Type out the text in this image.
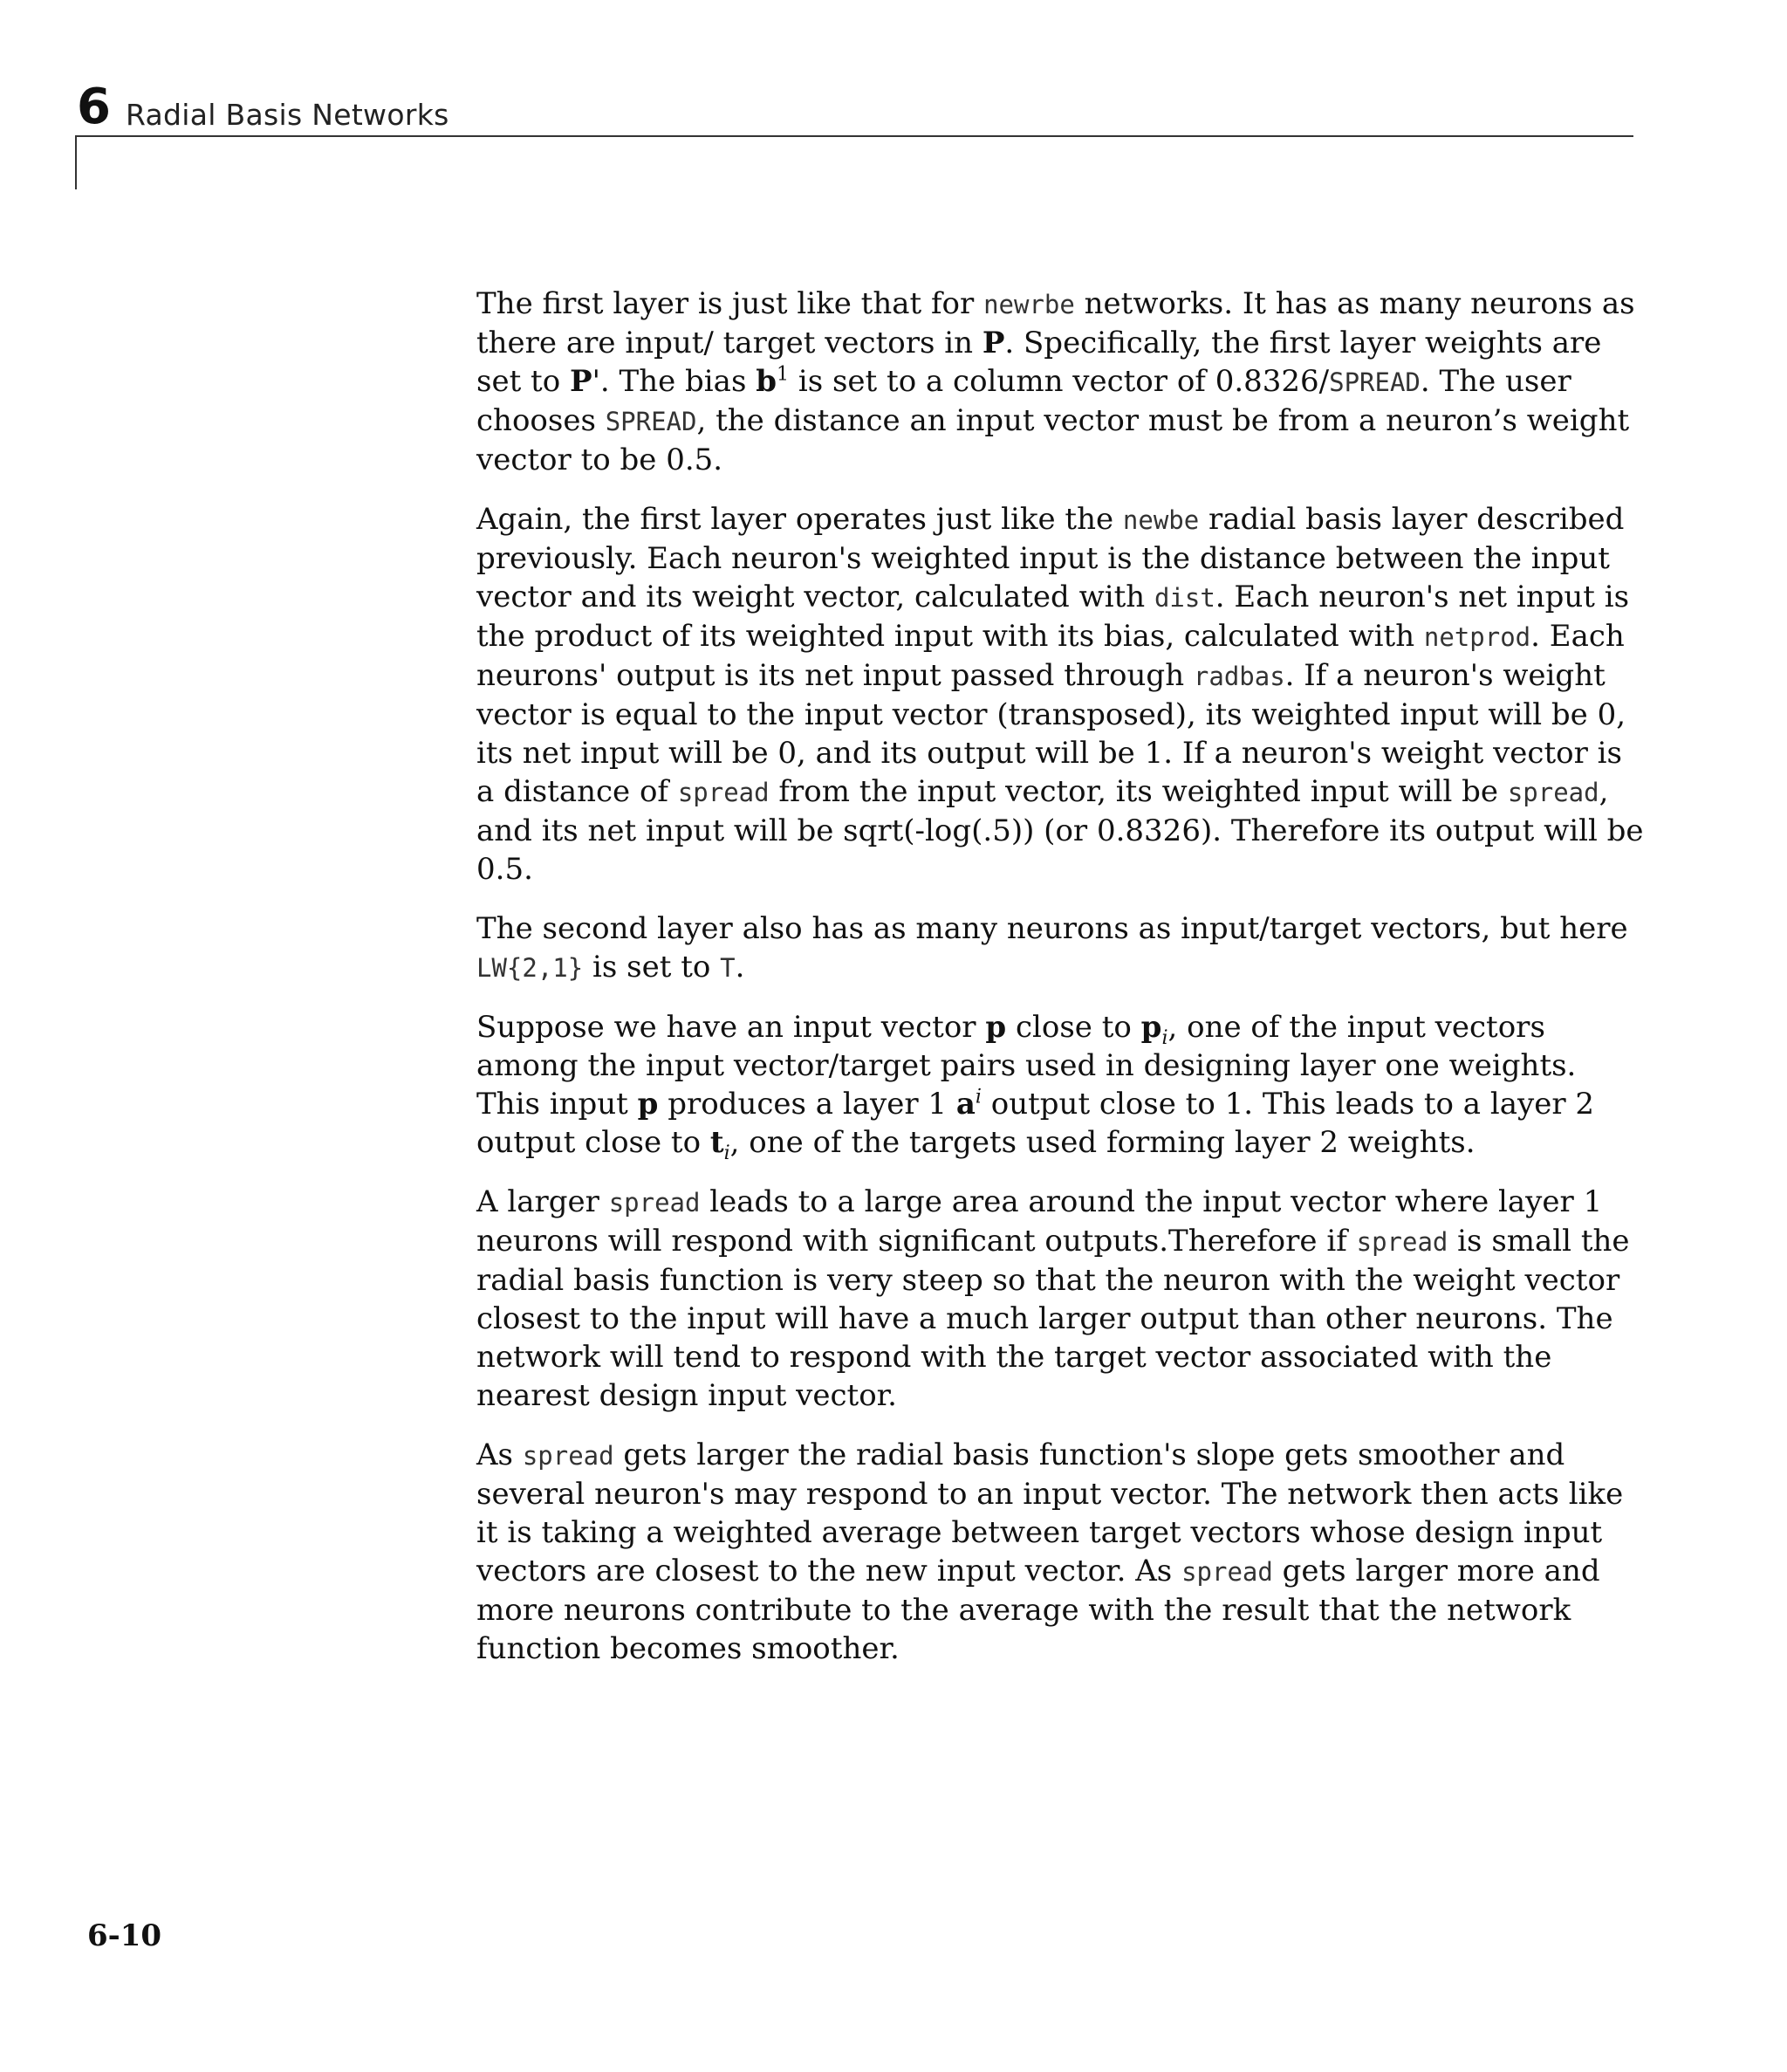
6 Radial Basis Networks

The first layer is just like that for newrbe networks. It has as many neurons as there are input/ target vectors in P. Specifically, the first layer weights are set to P'. The bias $b^1$ is set to a column vector of 0.8326/SPREAD. The user chooses SPREAD, the distance an input vector must be from a neuron’s weight vector to be 0.5.

Again, the first layer operates just like the newbe radial basis layer described previously. Each neuron's weighted input is the distance between the input vector and its weight vector, calculated with dist. Each neuron's net input is the product of its weighted input with its bias, calculated with netprod. Each neurons' output is its net input passed through radbas. If a neuron's weight vector is equal to the input vector (transposed), its weighted input will be 0, its net input will be 0, and its output will be 1. If a neuron's weight vector is a distance of spread from the input vector, its weighted input will be spread, and its net input will be sqrt(-log(.5)) (or 0.8326). Therefore its output will be 0.5.

The second layer also has as many neurons as input/target vectors, but here LW{2,1} is set to T.

Suppose we have an input vector p close to $p_i$, one of the input vectors among the input vector/target pairs used in designing layer one weights. This input p produces a layer 1 $a^i$ output close to 1. This leads to a layer 2 output close to $t_i$, one of the targets used forming layer 2 weights.

A larger spread leads to a large area around the input vector where layer 1 neurons will respond with significant outputs.Therefore if spread is small the radial basis function is very steep so that the neuron with the weight vector closest to the input will have a much larger output than other neurons. The network will tend to respond with the target vector associated with the nearest design input vector.

As spread gets larger the radial basis function's slope gets smoother and several neuron's may respond to an input vector. The network then acts like it is taking a weighted average between target vectors whose design input vectors are closest to the new input vector. As spread gets larger more and more neurons contribute to the average with the result that the network function becomes smoother.

6-10
